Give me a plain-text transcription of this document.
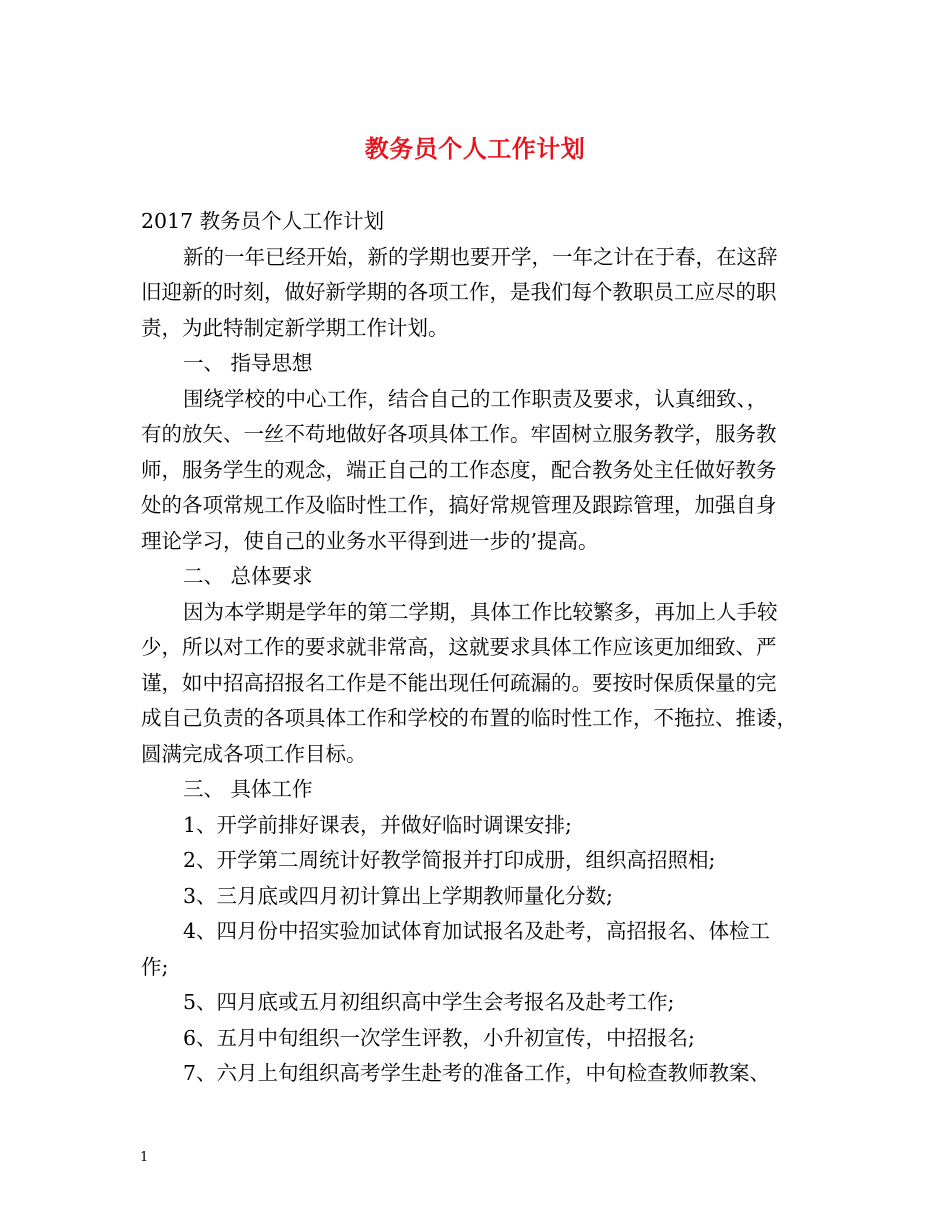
教务员个人工作计划
2017 教务员个人工作计划
新的一年已经开始，新的学期也要开学，一年之计在于春，在这辞
旧迎新的时刻，做好新学期的各项工作，是我们每个教职员工应尽的职
责，为此特制定新学期工作计划。
一、 指导思想
围绕学校的中心工作，结合自己的工作职责及要求，认真细致、，
有的放矢、一丝不苟地做好各项具体工作。牢固树立服务教学，服务教
师，服务学生的观念，端正自己的工作态度，配合教务处主任做好教务
处的各项常规工作及临时性工作，搞好常规管理及跟踪管理，加强自身
理论学习，使自己的业务水平得到进一步的’提高。
二、 总体要求
因为本学期是学年的第二学期，具体工作比较繁多，再加上人手较
少，所以对工作的要求就非常高，这就要求具体工作应该更加细致、严
谨，如中招高招报名工作是不能出现任何疏漏的。要按时保质保量的完
成自己负责的各项具体工作和学校的布置的临时性工作，不拖拉、推诿，
圆满完成各项工作目标。
三、 具体工作
1、开学前排好课表，并做好临时调课安排;
2、开学第二周统计好教学简报并打印成册，组织高招照相;
3、三月底或四月初计算出上学期教师量化分数;
4、四月份中招实验加试体育加试报名及赴考，高招报名、体检工
作;
5、四月底或五月初组织高中学生会考报名及赴考工作;
6、五月中旬组织一次学生评教，小升初宣传，中招报名;
7、六月上旬组织高考学生赴考的准备工作，中旬检查教师教案、
1
